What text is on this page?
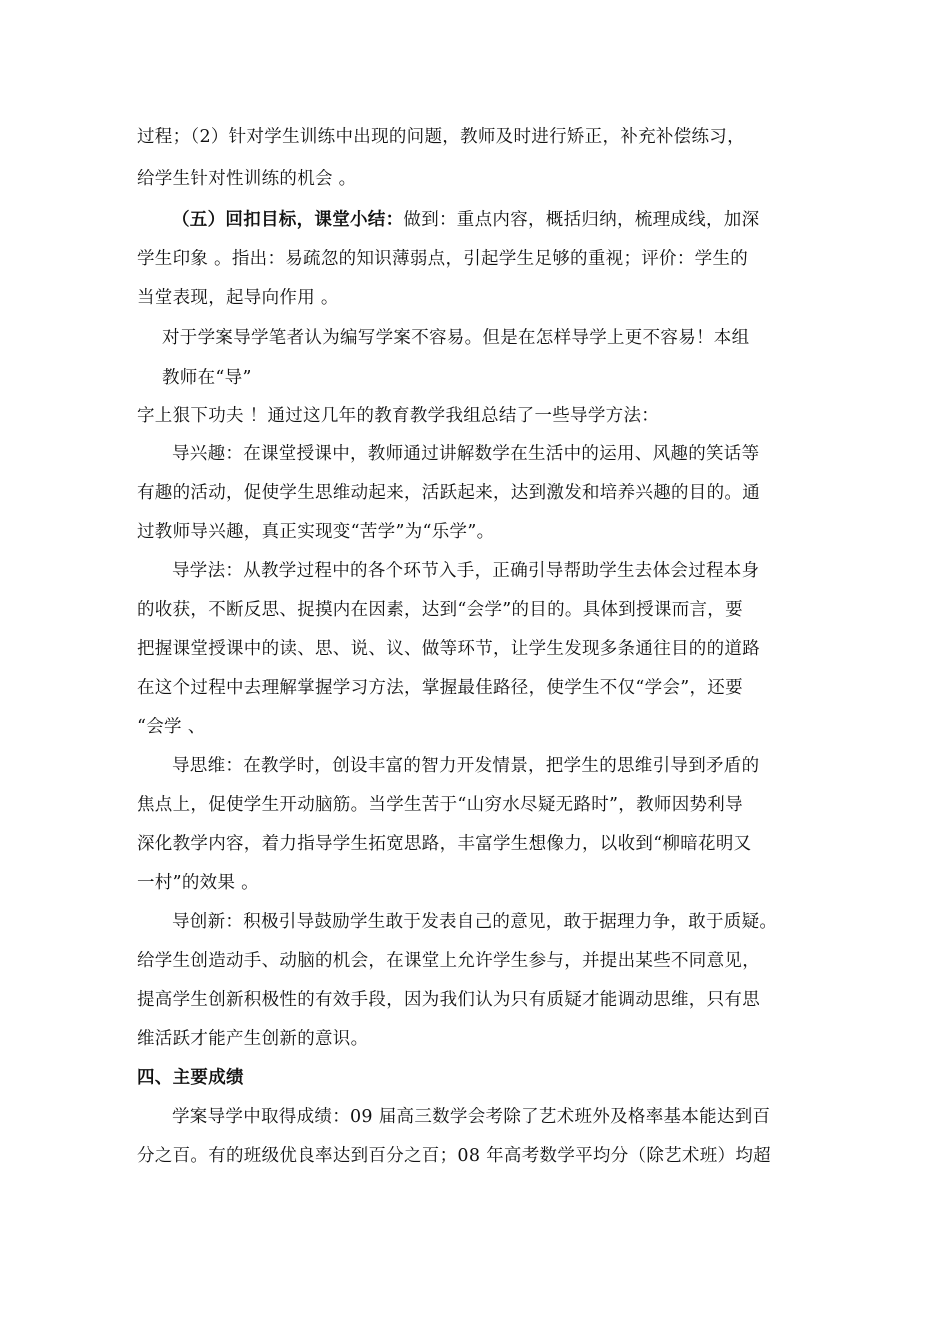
过程；（2）针对学生训练中出现的问题，教师及时进行矫正，补充补偿练习，
给学生针对性训练的机会 。
（五）回扣目标，课堂小结：做到：重点内容，概括归纳，梳理成线，加深
学生印象 。指出：易疏忽的知识薄弱点，引起学生足够的重视；评价：学生的
当堂表现，起导向作用 。
对于学案导学笔者认为编写学案不容易。但是在怎样导学上更不容易！本组
教师在“导”
字上狠下功夫 ！通过这几年的教育教学我组总结了一些导学方法：
导兴趣：在课堂授课中，教师通过讲解数学在生活中的运用、风趣的笑话等
有趣的活动，促使学生思维动起来，活跃起来，达到激发和培养兴趣的目的。通
过教师导兴趣，真正实现变“苦学”为“乐学”。
导学法：从教学过程中的各个环节入手，正确引导帮助学生去体会过程本身
的收获，不断反思、捉摸内在因素，达到“会学”的目的。具体到授课而言，要
把握课堂授课中的读、思、说、议、做等环节，让学生发现多条通往目的的道路
在这个过程中去理解掌握学习方法，掌握最佳路径，使学生不仅“学会”，还要
“会学 、
导思维：在教学时，创设丰富的智力开发情景，把学生的思维引导到矛盾的
焦点上，促使学生开动脑筋。当学生苦于“山穷水尽疑无路时”，教师因势利导
深化教学内容，着力指导学生拓宽思路，丰富学生想像力，以收到“柳暗花明又
一村”的效果 。
导创新：积极引导鼓励学生敢于发表自己的意见，敢于据理力争，敢于质疑。
给学生创造动手、动脑的机会，在课堂上允许学生参与，并提出某些不同意见，
提高学生创新积极性的有效手段，因为我们认为只有质疑才能调动思维，只有思
维活跃才能产生创新的意识。
四、主要成绩
学案导学中取得成绩：09 届高三数学会考除了艺术班外及格率基本能达到百
分之百。有的班级优良率达到百分之百；08 年高考数学平均分（除艺术班）均超
